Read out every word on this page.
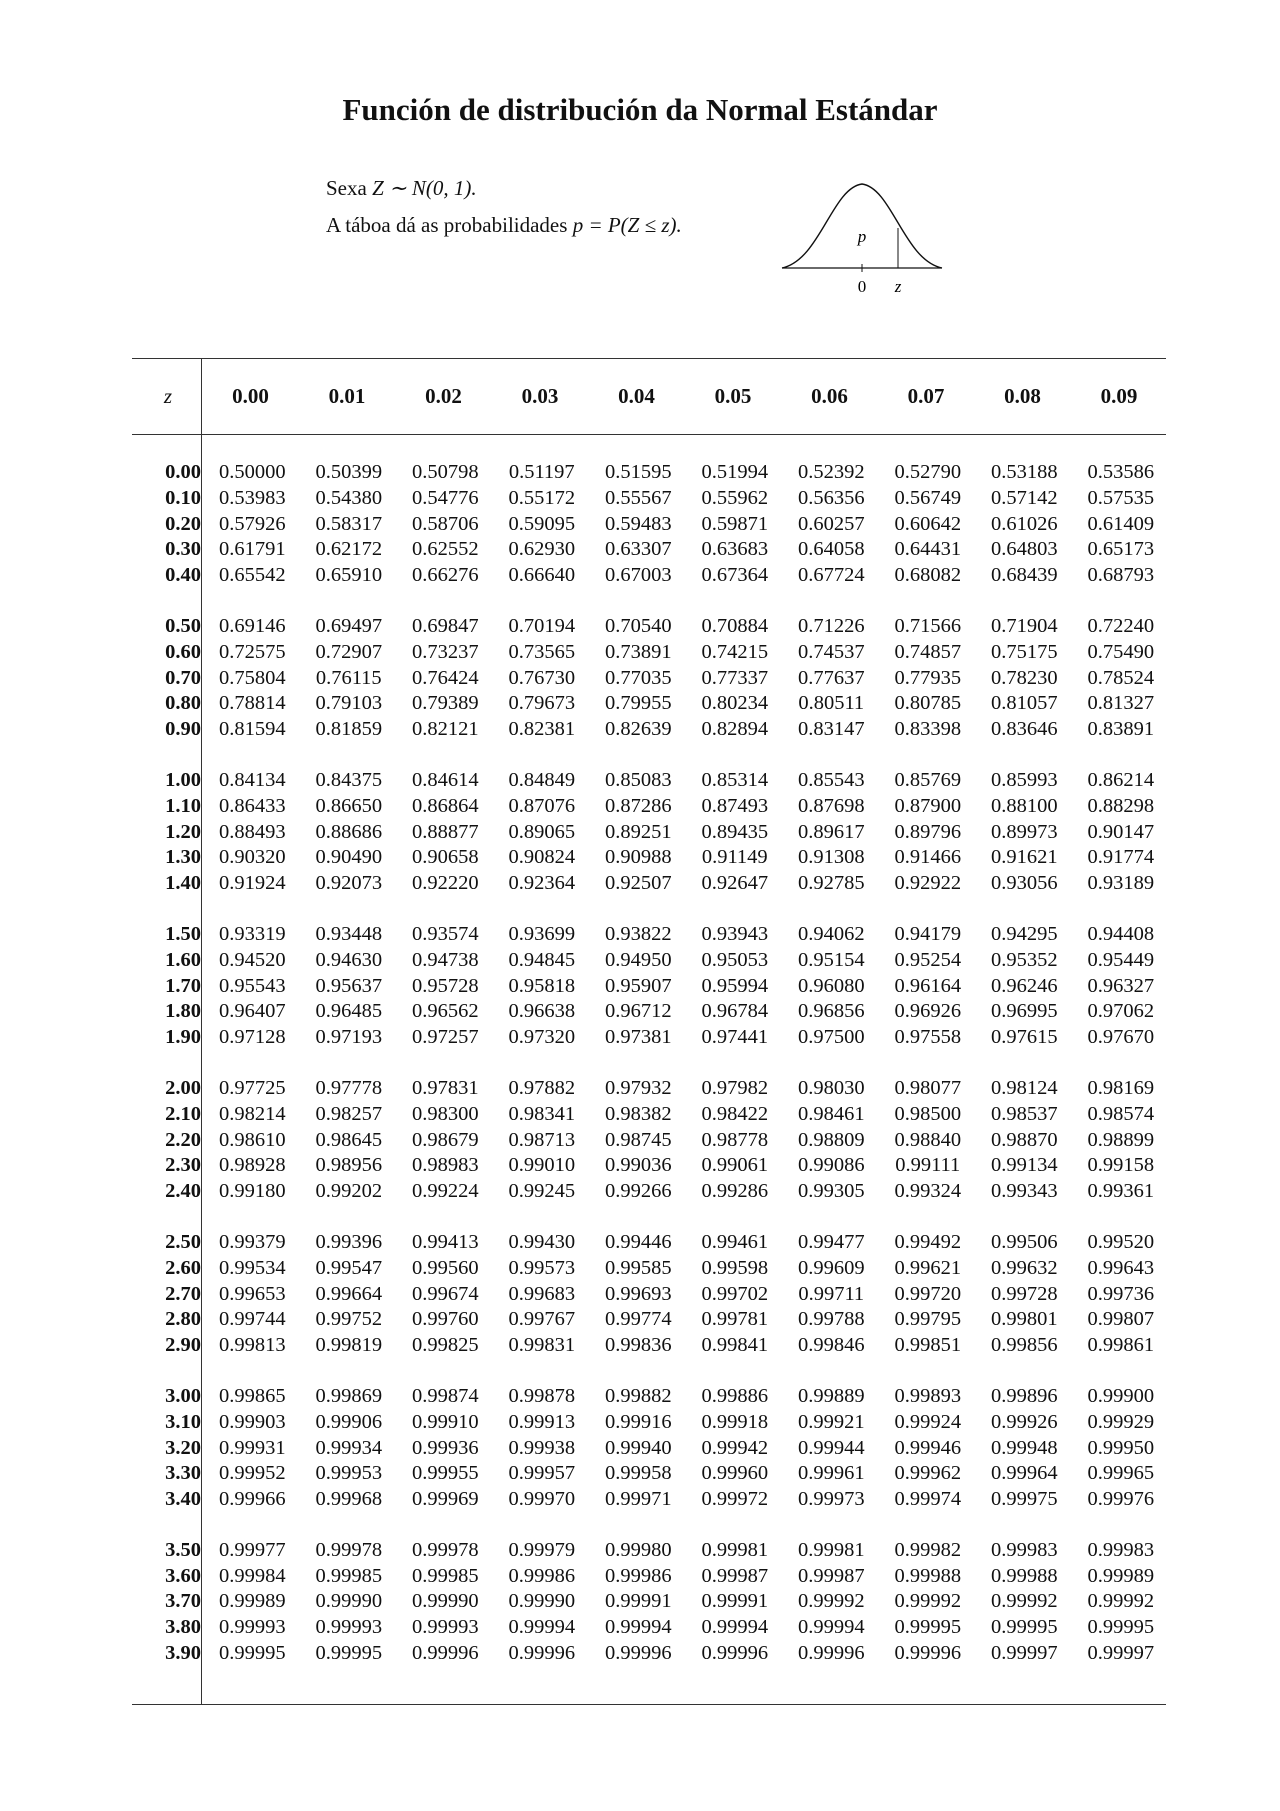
Función de distribución da Normal Estándar

Sexa Z ∼ N(0, 1).

A táboa dá as probabilidades p = P(Z ≤ z).	p
0 z
z	0.00	0.01	0.02	0.03	0.04	0.05	0.06	0.07	0.08	0.09
0.00	0.50000	0.50399	0.50798	0.51197	0.51595	0.51994	0.52392	0.52790	0.53188	0.53586
0.10	0.53983	0.54380	0.54776	0.55172	0.55567	0.55962	0.56356	0.56749	0.57142	0.57535
0.20	0.57926	0.58317	0.58706	0.59095	0.59483	0.59871	0.60257	0.60642	0.61026	0.61409
0.30	0.61791	0.62172	0.62552	0.62930	0.63307	0.63683	0.64058	0.64431	0.64803	0.65173
0.40	0.65542	0.65910	0.66276	0.66640	0.67003	0.67364	0.67724	0.68082	0.68439	0.68793

0.50	0.69146	0.69497	0.69847	0.70194	0.70540	0.70884	0.71226	0.71566	0.71904	0.72240
0.60	0.72575	0.72907	0.73237	0.73565	0.73891	0.74215	0.74537	0.74857	0.75175	0.75490
0.70	0.75804	0.76115	0.76424	0.76730	0.77035	0.77337	0.77637	0.77935	0.78230	0.78524
0.80	0.78814	0.79103	0.79389	0.79673	0.79955	0.80234	0.80511	0.80785	0.81057	0.81327
0.90	0.81594	0.81859	0.82121	0.82381	0.82639	0.82894	0.83147	0.83398	0.83646	0.83891

1.00	0.84134	0.84375	0.84614	0.84849	0.85083	0.85314	0.85543	0.85769	0.85993	0.86214
1.10	0.86433	0.86650	0.86864	0.87076	0.87286	0.87493	0.87698	0.87900	0.88100	0.88298
1.20	0.88493	0.88686	0.88877	0.89065	0.89251	0.89435	0.89617	0.89796	0.89973	0.90147
1.30	0.90320	0.90490	0.90658	0.90824	0.90988	0.91149	0.91308	0.91466	0.91621	0.91774
1.40	0.91924	0.92073	0.92220	0.92364	0.92507	0.92647	0.92785	0.92922	0.93056	0.93189

1.50	0.93319	0.93448	0.93574	0.93699	0.93822	0.93943	0.94062	0.94179	0.94295	0.94408
1.60	0.94520	0.94630	0.94738	0.94845	0.94950	0.95053	0.95154	0.95254	0.95352	0.95449
1.70	0.95543	0.95637	0.95728	0.95818	0.95907	0.95994	0.96080	0.96164	0.96246	0.96327
1.80	0.96407	0.96485	0.96562	0.96638	0.96712	0.96784	0.96856	0.96926	0.96995	0.97062
1.90	0.97128	0.97193	0.97257	0.97320	0.97381	0.97441	0.97500	0.97558	0.97615	0.97670

2.00	0.97725	0.97778	0.97831	0.97882	0.97932	0.97982	0.98030	0.98077	0.98124	0.98169
2.10	0.98214	0.98257	0.98300	0.98341	0.98382	0.98422	0.98461	0.98500	0.98537	0.98574
2.20	0.98610	0.98645	0.98679	0.98713	0.98745	0.98778	0.98809	0.98840	0.98870	0.98899
2.30	0.98928	0.98956	0.98983	0.99010	0.99036	0.99061	0.99086	0.99111	0.99134	0.99158
2.40	0.99180	0.99202	0.99224	0.99245	0.99266	0.99286	0.99305	0.99324	0.99343	0.99361

2.50	0.99379	0.99396	0.99413	0.99430	0.99446	0.99461	0.99477	0.99492	0.99506	0.99520
2.60	0.99534	0.99547	0.99560	0.99573	0.99585	0.99598	0.99609	0.99621	0.99632	0.99643
2.70	0.99653	0.99664	0.99674	0.99683	0.99693	0.99702	0.99711	0.99720	0.99728	0.99736
2.80	0.99744	0.99752	0.99760	0.99767	0.99774	0.99781	0.99788	0.99795	0.99801	0.99807
2.90	0.99813	0.99819	0.99825	0.99831	0.99836	0.99841	0.99846	0.99851	0.99856	0.99861

3.00	0.99865	0.99869	0.99874	0.99878	0.99882	0.99886	0.99889	0.99893	0.99896	0.99900
3.10	0.99903	0.99906	0.99910	0.99913	0.99916	0.99918	0.99921	0.99924	0.99926	0.99929
3.20	0.99931	0.99934	0.99936	0.99938	0.99940	0.99942	0.99944	0.99946	0.99948	0.99950
3.30	0.99952	0.99953	0.99955	0.99957	0.99958	0.99960	0.99961	0.99962	0.99964	0.99965
3.40	0.99966	0.99968	0.99969	0.99970	0.99971	0.99972	0.99973	0.99974	0.99975	0.99976

3.50	0.99977	0.99978	0.99978	0.99979	0.99980	0.99981	0.99981	0.99982	0.99983	0.99983
3.60	0.99984	0.99985	0.99985	0.99986	0.99986	0.99987	0.99987	0.99988	0.99988	0.99989
3.70	0.99989	0.99990	0.99990	0.99990	0.99991	0.99991	0.99992	0.99992	0.99992	0.99992
3.80	0.99993	0.99993	0.99993	0.99994	0.99994	0.99994	0.99994	0.99995	0.99995	0.99995
3.90	0.99995	0.99995	0.99996	0.99996	0.99996	0.99996	0.99996	0.99996	0.99997	0.99997
